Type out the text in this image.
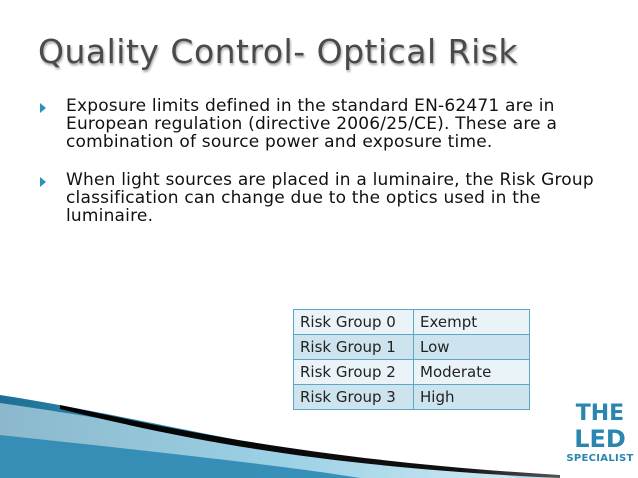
Quality Control- Optical Risk
Exposure limits defined in the standard EN-62471 are in European regulation (directive 2006/25/CE). These are a combination of source power and exposure time.
When light sources are placed in a luminaire, the Risk Group classification can change due to the optics used in the luminaire.
Risk Group 0	Exempt
Risk Group 1	Low
Risk Group 2	Moderate
Risk Group 3	High
THE
LED
SPECIALIST
